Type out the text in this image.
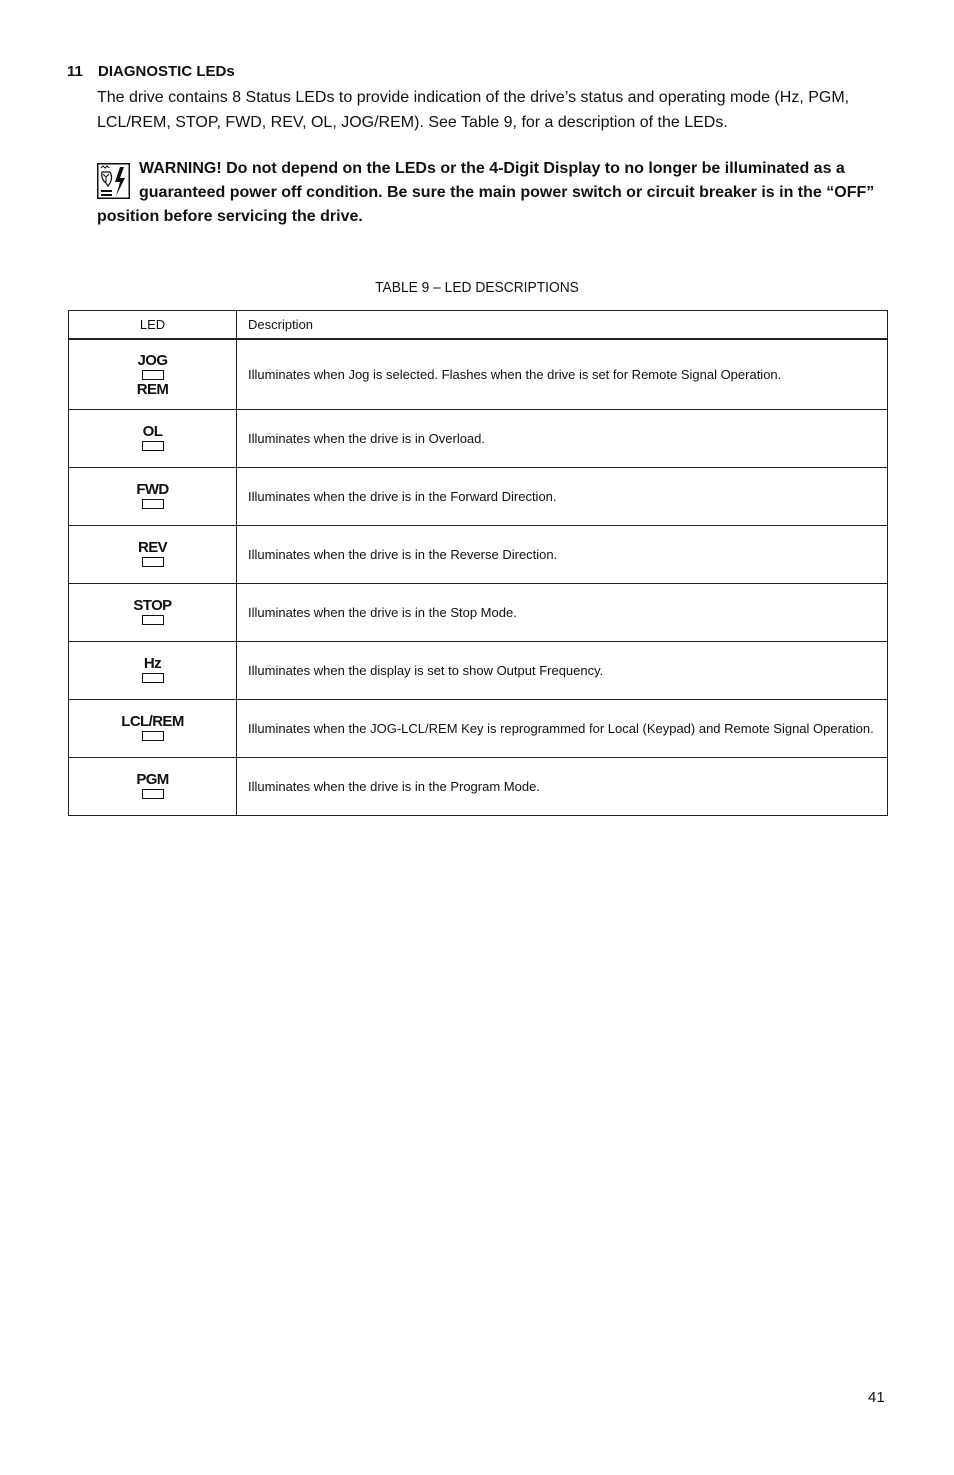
11 DIAGNOSTIC LEDs

The drive contains 8 Status LEDs to provide indication of the drive’s status and operating mode (Hz, PGM, LCL/REM, STOP, FWD, REV, OL, JOG/REM). See Table 9, for a description of the LEDs.

WARNING! Do not depend on the LEDs or the 4-Digit Display to no longer be illuminated as a guaranteed power off condition. Be sure the main power switch or circuit breaker is in the “OFF” position before servicing the drive.
TABLE 9 – LED DESCRIPTIONS
LED	Description

JOG
REM	Illuminates when Jog is selected. Flashes when the drive is set for Remote Signal Operation.

OL	Illuminates when the drive is in Overload.

FWD	Illuminates when the drive is in the Forward Direction.

REV	Illuminates when the drive is in the Reverse Direction.

STOP	Illuminates when the drive is in the Stop Mode.

Hz	Illuminates when the display is set to show Output Frequency.

LCL/REM	Illuminates when the JOG-LCL/REM Key is reprogrammed for Local (Keypad) and Remote Signal Operation.

PGM	Illuminates when the drive is in the Program Mode.
41
